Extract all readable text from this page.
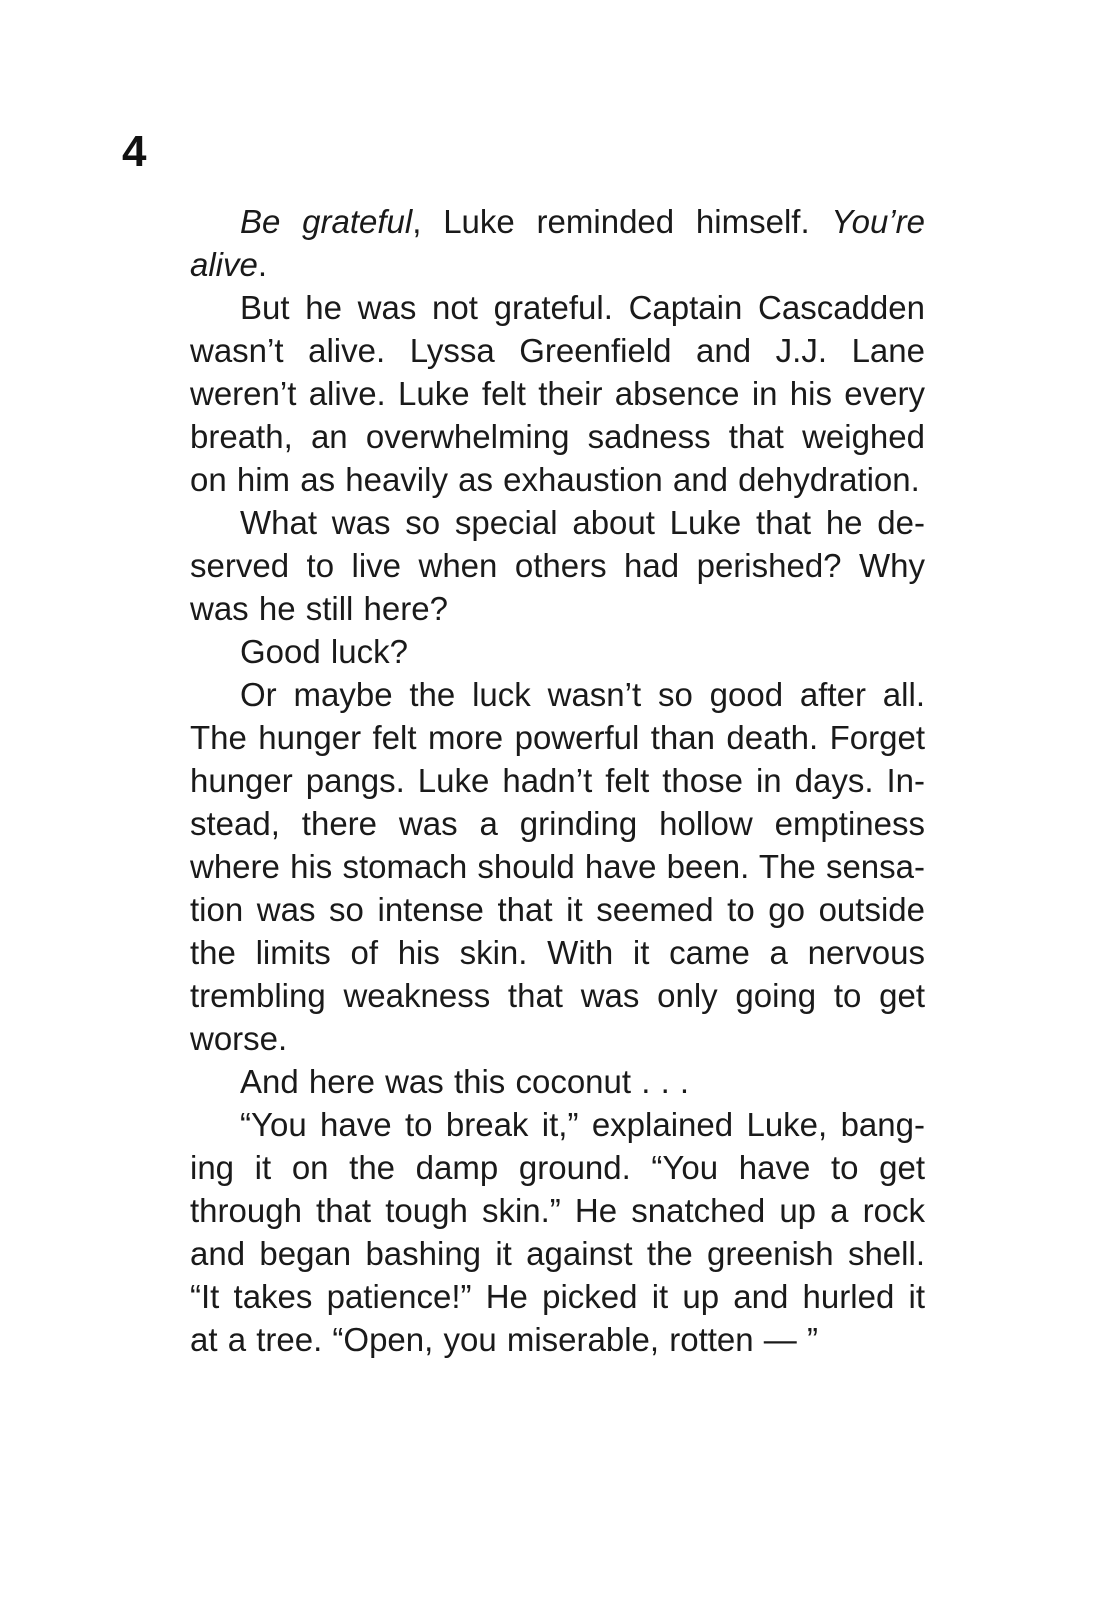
4

Be grateful, Luke reminded himself. You’re alive.

But he was not grateful. Captain Cascadden wasn’t alive. Lyssa Greenfield and J.J. Lane weren’t alive. Luke felt their absence in his every breath, an overwhelming sadness that weighed on him as heavily as exhaustion and dehydration.

What was so special about Luke that he deserved to live when others had perished? Why was he still here?

Good luck?

Or maybe the luck wasn’t so good after all. The hunger felt more powerful than death. Forget hunger pangs. Luke hadn’t felt those in days. Instead, there was a grinding hollow emptiness where his stomach should have been. The sensation was so intense that it seemed to go outside the limits of his skin. With it came a nervous trembling weakness that was only going to get worse.

And here was this coconut . . .

“You have to break it,” explained Luke, banging it on the damp ground. “You have to get through that tough skin.” He snatched up a rock and began bashing it against the greenish shell. “It takes patience!” He picked it up and hurled it at a tree. “Open, you miserable, rotten — ”
